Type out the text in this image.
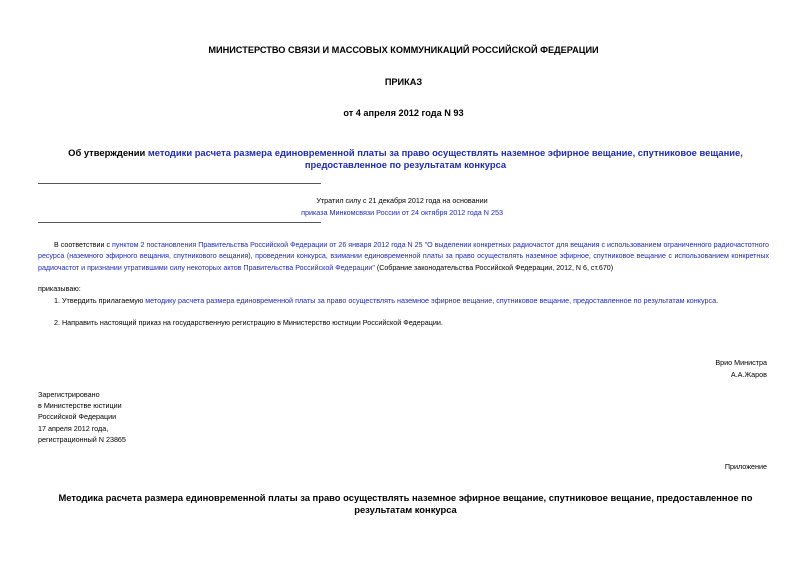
МИНИСТЕРСТВО СВЯЗИ И МАССОВЫХ КОММУНИКАЦИЙ РОССИЙСКОЙ ФЕДЕРАЦИИ
ПРИКАЗ
от 4 апреля 2012 года N 93
Об утверждении методики расчета размера единовременной платы за право осуществлять наземное эфирное вещание, спутниковое вещание, предоставленное по результатам конкурса
Утратил силу с 21 декабря 2012 года на основании
приказа Минкомсвязи России от 24 октября 2012 года N 253
В соответствии с пунктом 2 постановления Правительства Российской Федерации от 26 января 2012 года N 25 "О выделении конкретных радиочастот для вещания с использованием ограниченного радиочастотного ресурса (наземного эфирного вещания, спутникового вещания), проведении конкурса, взимании единовременной платы за право осуществлять наземное эфирное, спутниковое вещание с использованием конкретных радиочастот и признании утратившими силу некоторых актов Правительства Российской Федерации" (Собрание законодательства Российской Федерации, 2012, N 6, ст.670)
приказываю:
1. Утвердить прилагаемую методику расчета размера единовременной платы за право осуществлять наземное эфирное вещание, спутниковое вещание, предоставленное по результатам конкурса.
2. Направить настоящий приказ на государственную регистрацию в Министерство юстиции Российской Федерации.
Врио Министра
А.А.Жаров
Зарегистрировано
в Министерстве юстиции
Российской Федерации
17 апреля 2012 года,
регистрационный N 23865
Приложение
Методика расчета размера единовременной платы за право осуществлять наземное эфирное вещание, спутниковое вещание, предоставленное по результатам конкурса
